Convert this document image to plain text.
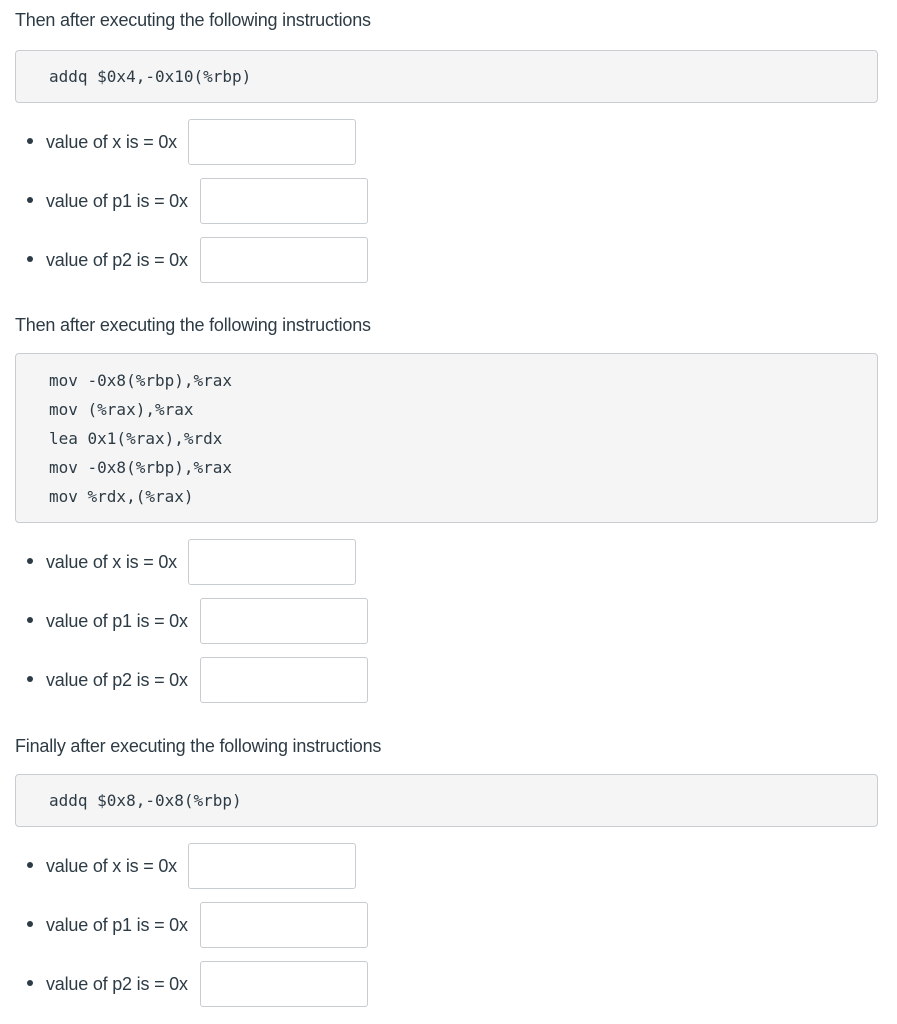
Then after executing the following instructions

addq $0x4,-0x10(%rbp)
value of x is = 0x
value of p1 is = 0x
value of p2 is = 0x

Then after executing the following instructions

mov -0x8(%rbp),%rax
mov (%rax),%rax
lea 0x1(%rax),%rdx
mov -0x8(%rbp),%rax
mov %rdx,(%rax)
value of x is = 0x
value of p1 is = 0x
value of p2 is = 0x

Finally after executing the following instructions

addq $0x8,-0x8(%rbp)
value of x is = 0x
value of p1 is = 0x
value of p2 is = 0x
